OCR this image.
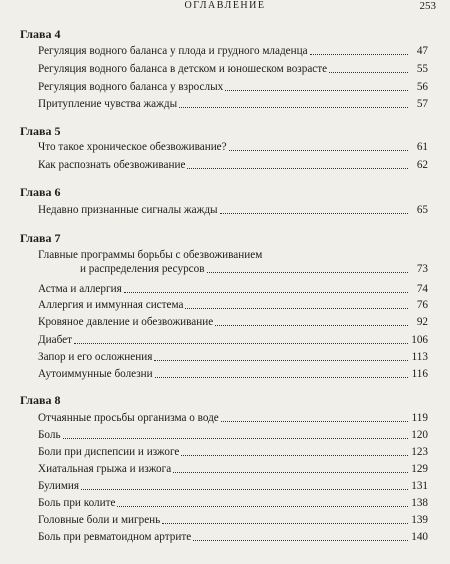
ОГЛАВЛЕНИЕ	253
Глава 4
Регуляция водного баланса у плода и грудного младенца	47
Регуляция водного баланса в детском и юношеском возрасте	55
Регуляция водного баланса у взрослых	56
Притупление чувства жажды	57
Глава 5
Что такое хроническое обезвоживание?	61
Как распознать обезвоживание	62
Глава 6
Недавно признанные сигналы жажды	65
Глава 7
Главные программы борьбы с обезвоживанием
и распределения ресурсов	73
Астма и аллергия	74
Аллергия и иммунная система	76
Кровяное давление и обезвоживание	92
Диабет	106
Запор и его осложнения	113
Аутоиммунные болезни	116
Глава 8
Отчаянные просьбы организма о воде	119
Боль	120
Боли при диспепсии и изжоге	123
Хиатальная грыжа и изжога	129
Булимия	131
Боль при колите	138
Головные боли и мигрень	139
Боль при ревматоидном артрите	140
